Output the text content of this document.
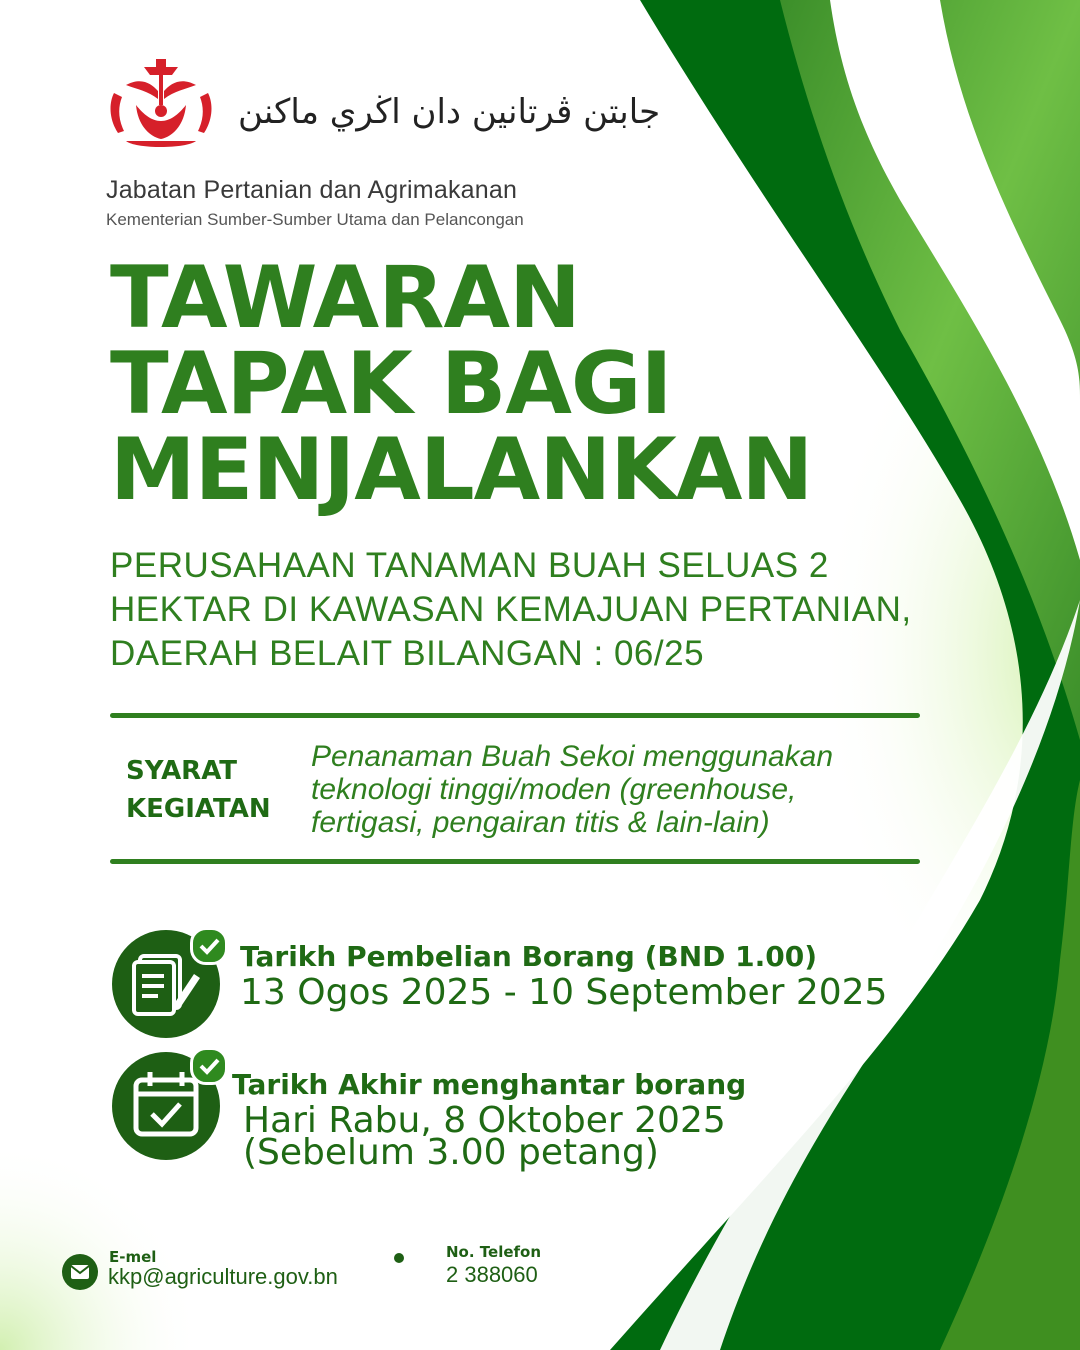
جابتن ڤرتانين دان اڬري ماكنن
Jabatan Pertanian dan Agrimakanan
Kementerian Sumber-Sumber Utama dan Pelancongan
TAWARAN
TAPAK BAGI
MENJALANKAN
PERUSAHAAN TANAMAN BUAH SELUAS 2
HEKTAR DI KAWASAN KEMAJUAN PERTANIAN,
DAERAH BELAIT BILANGAN : 06/25
SYARAT
KEGIATAN
Penanaman Buah Sekoi menggunakan
teknologi tinggi/moden (greenhouse,
fertigasi, pengairan titis & lain-lain)
Tarikh Pembelian Borang (BND 1.00)
13 Ogos 2025 - 10 September 2025
Tarikh Akhir menghantar borang
Hari Rabu, 8 Oktober 2025
(Sebelum 3.00 petang)
E-mel
kkp@agriculture.gov.bn
No. Telefon
2 388060
